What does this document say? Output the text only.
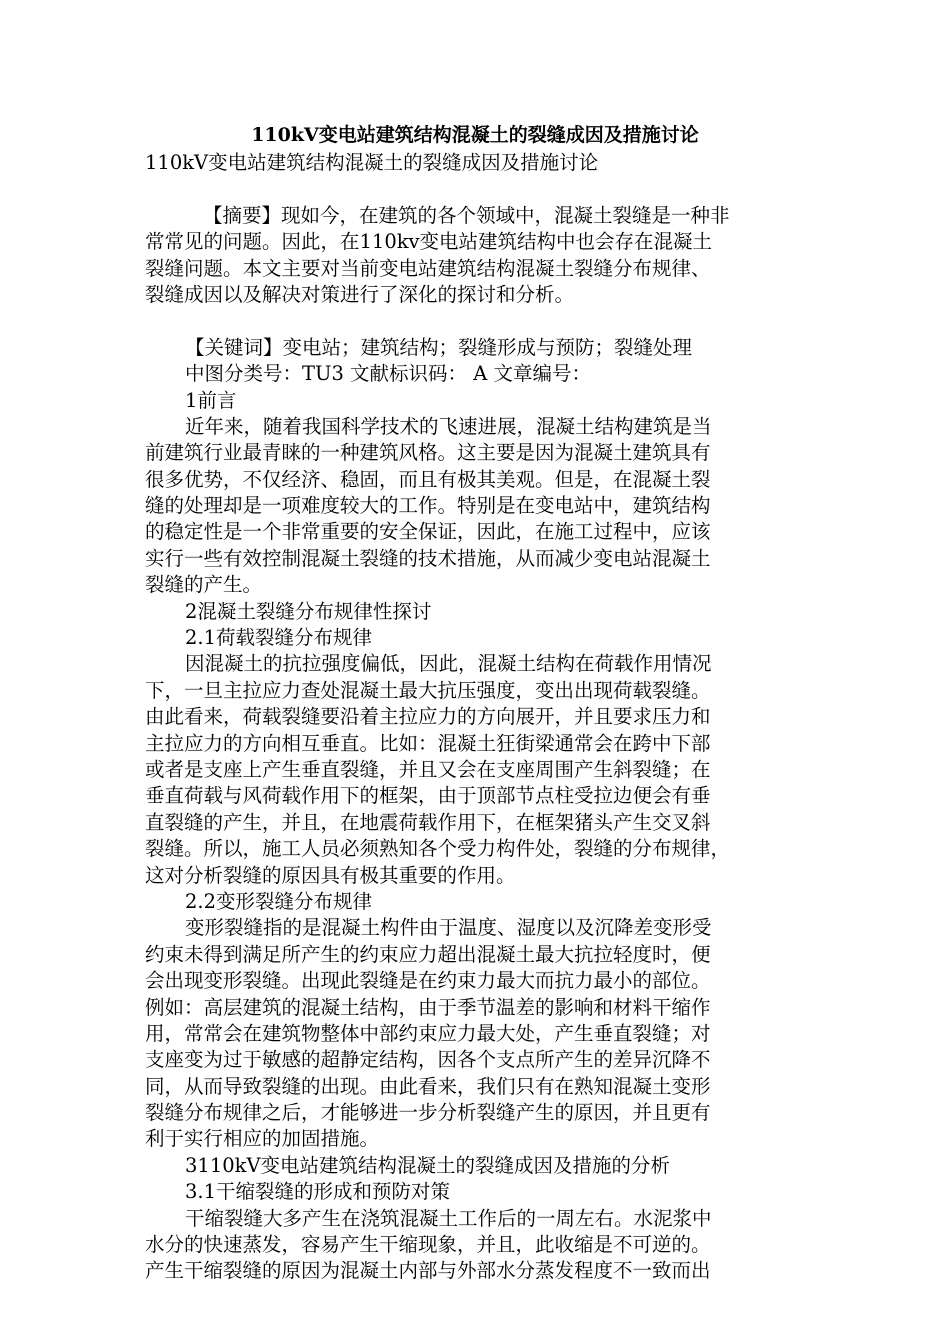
110kV变电站建筑结构混凝土的裂缝成因及措施讨论

110kV变电站建筑结构混凝土的裂缝成因及措施讨论

【摘要】现如今，在建筑的各个领域中，混凝土裂缝是一种非

常常见的问题。因此，在110kv变电站建筑结构中也会存在混凝土

裂缝问题。本文主要对当前变电站建筑结构混凝土裂缝分布规律、

裂缝成因以及解决对策进行了深化的探讨和分析。

【关键词】变电站；建筑结构；裂缝形成与预防；裂缝处理

中图分类号：TU3 文献标识码： A 文章编号：

1前言

近年来，随着我国科学技术的飞速进展，混凝土结构建筑是当

前建筑行业最青睐的一种建筑风格。这主要是因为混凝土建筑具有

很多优势，不仅经济、稳固，而且有极其美观。但是，在混凝土裂

缝的处理却是一项难度较大的工作。特别是在变电站中，建筑结构

的稳定性是一个非常重要的安全保证，因此，在施工过程中，应该

实行一些有效控制混凝土裂缝的技术措施，从而减少变电站混凝土

裂缝的产生。

2混凝土裂缝分布规律性探讨

2.1荷载裂缝分布规律

因混凝土的抗拉强度偏低，因此，混凝土结构在荷载作用情况

下，一旦主拉应力查处混凝土最大抗压强度，变出出现荷载裂缝。

由此看来，荷载裂缝要沿着主拉应力的方向展开，并且要求压力和

主拉应力的方向相互垂直。比如：混凝土狂街梁通常会在跨中下部

或者是支座上产生垂直裂缝，并且又会在支座周围产生斜裂缝；在

垂直荷载与风荷载作用下的框架，由于顶部节点柱受拉边便会有垂

直裂缝的产生，并且，在地震荷载作用下，在框架猪头产生交叉斜

裂缝。所以，施工人员必须熟知各个受力构件处，裂缝的分布规律，

这对分析裂缝的原因具有极其重要的作用。

2.2变形裂缝分布规律

变形裂缝指的是混凝土构件由于温度、湿度以及沉降差变形受

约束未得到满足所产生的约束应力超出混凝土最大抗拉轻度时，便

会出现变形裂缝。出现此裂缝是在约束力最大而抗力最小的部位。

例如：高层建筑的混凝土结构，由于季节温差的影响和材料干缩作

用，常常会在建筑物整体中部约束应力最大处，产生垂直裂缝；对

支座变为过于敏感的超静定结构，因各个支点所产生的差异沉降不

同，从而导致裂缝的出现。由此看来，我们只有在熟知混凝土变形

裂缝分布规律之后，才能够进一步分析裂缝产生的原因，并且更有

利于实行相应的加固措施。

3110kV变电站建筑结构混凝土的裂缝成因及措施的分析

3.1干缩裂缝的形成和预防对策

干缩裂缝大多产生在浇筑混凝土工作后的一周左右。水泥浆中

水分的快速蒸发，容易产生干缩现象，并且，此收缩是不可逆的。

产生干缩裂缝的原因为混凝土内部与外部水分蒸发程度不一致而出
